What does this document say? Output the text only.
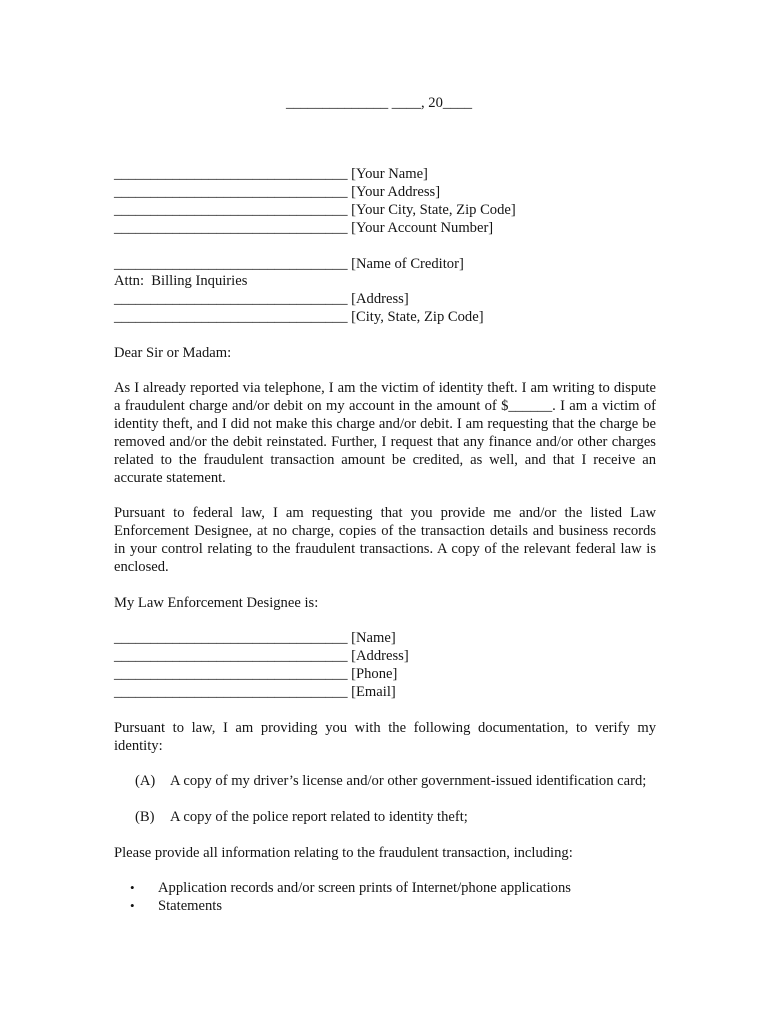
______________ ____, 20____
________________________________ [Your Name]
________________________________ [Your Address]
________________________________ [Your City, State, Zip Code]
________________________________ [Your Account Number]
________________________________ [Name of Creditor]
Attn:  Billing Inquiries
________________________________ [Address]
________________________________ [City, State, Zip Code]
Dear Sir or Madam:

As I already reported via telephone, I am the victim of identity theft. I am writing to dispute a fraudulent charge and/or debit on my account in the amount of $______. I am a victim of identity theft, and I did not make this charge and/or debit. I am requesting that the charge be removed and/or the debit reinstated. Further, I request that any finance and/or other charges related to the fraudulent transaction amount be credited, as well, and that I receive an accurate statement.

Pursuant to federal law, I am requesting that you provide me and/or the listed Law Enforcement Designee, at no charge, copies of the transaction details and business records in your control relating to the fraudulent transactions. A copy of the relevant federal law is enclosed.

My Law Enforcement Designee is:
________________________________ [Name]
________________________________ [Address]
________________________________ [Phone]
________________________________ [Email]

Pursuant to law, I am providing you with the following documentation, to verify my identity:

(A) A copy of my driver’s license and/or other government-issued identification card;
(B) A copy of the police report related to identity theft;
Please provide all information relating to the fraudulent transaction, including:
• Application records and/or screen prints of Internet/phone applications
• Statements
